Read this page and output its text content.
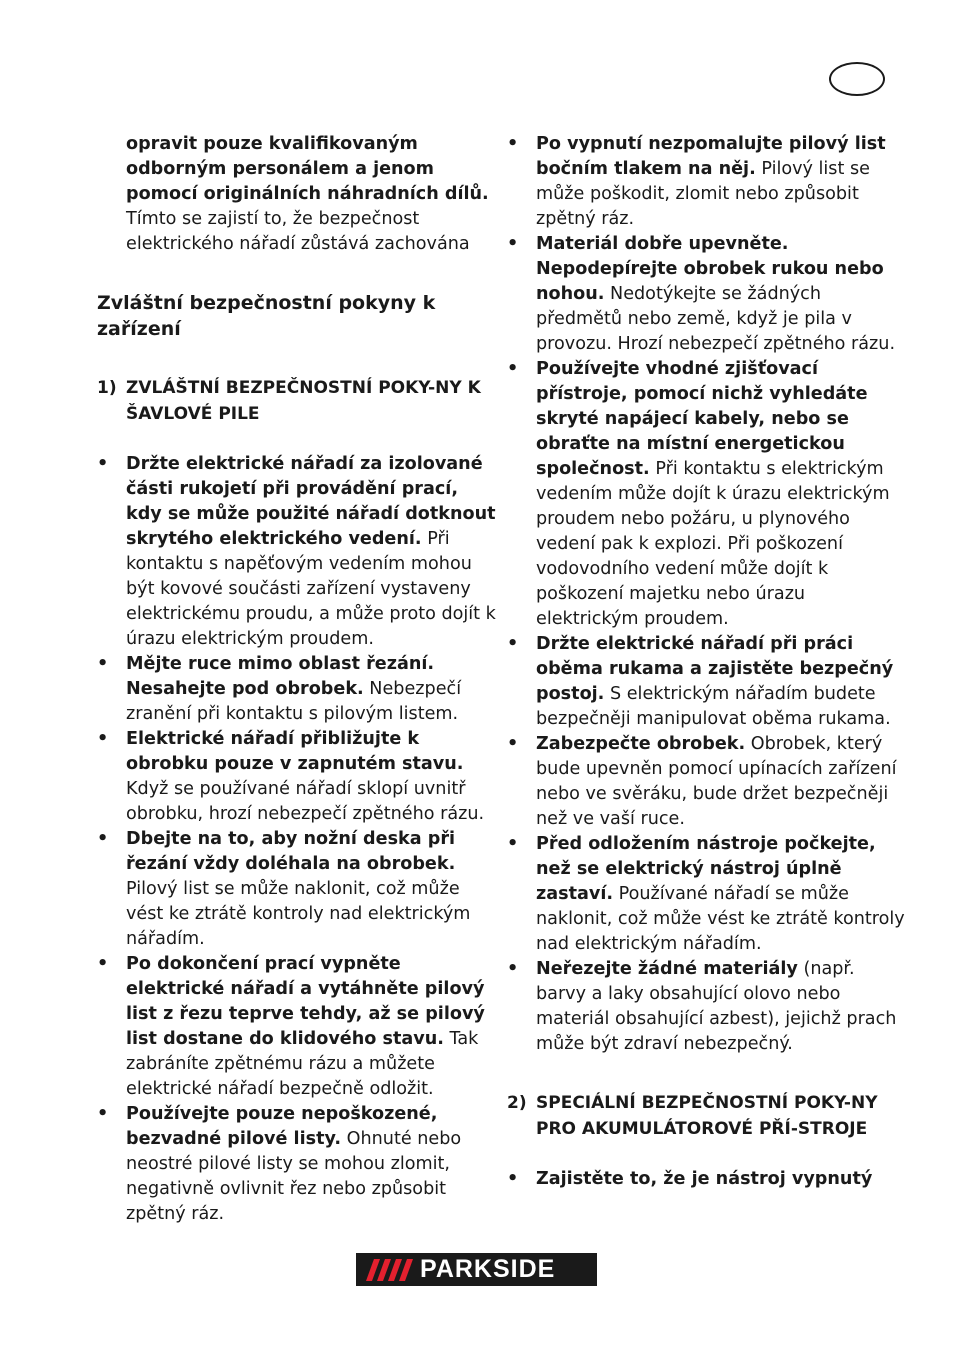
opravit pouze kvalifikovaným odborným personálem a jenom pomocí originálních náhradních dílů. Tímto se zajistí to, že bezpečnost elektrického nářadí zůstává zachována

Zvláštní bezpečnostní pokyny k zařízení

1) ZVLÁŠTNÍ BEZPEČNOSTNÍ POKY-NY K ŠAVLOVÉ PILE

•	Držte elektrické nářadí za izolované části rukojetí při provádění prací, kdy se může použité nářadí dotknout skrytého elektrického vedení. Při kontaktu s napěťovým vedením mohou být kovové součásti zařízení vystaveny elektrickému proudu, a může proto dojít k úrazu elektrickým proudem.
•	Mějte ruce mimo oblast řezání. Nesahejte pod obrobek. Nebezpečí zranění při kontaktu s pilovým listem.
•	Elektrické nářadí přibližujte k obrobku pouze v zapnutém stavu. Když se používané nářadí sklopí uvnitř obrobku, hrozí nebezpečí zpětného rázu.
•	Dbejte na to, aby nožní deska při řezání vždy doléhala na obrobek. Pilový list se může naklonit, což může vést ke ztrátě kontroly nad elektrickým nářadím.
•	Po dokončení prací vypněte elektrické nářadí a vytáhněte pilový list z řezu teprve tehdy, až se pilový list dostane do klidového stavu. Tak zabráníte zpětnému rázu a můžete elektrické nářadí bezpečně odložit.
•	Používejte pouze nepoškozené, bezvadné pilové listy. Ohnuté nebo neostré pilové listy se mohou zlomit, negativně ovlivnit řez nebo způsobit zpětný ráz.
•	Po vypnutí nezpomalujte pilový list bočním tlakem na něj. Pilový list se může poškodit, zlomit nebo způsobit zpětný ráz.
•	Materiál dobře upevněte. Nepodepírejte obrobek rukou nebo nohou. Nedotýkejte se žádných předmětů nebo země, když je pila v provozu. Hrozí nebezpečí zpětného rázu.
•	Používejte vhodné zjišťovací přístroje, pomocí nichž vyhledáte skryté napájecí kabely, nebo se obraťte na místní energetickou společnost. Při kontaktu s elektrickým vedením může dojít k úrazu elektrickým proudem nebo požáru, u plynového vedení pak k explozi. Při poškození vodovodního vedení může dojít k poškození majetku nebo úrazu elektrickým proudem.
•	Držte elektrické nářadí při práci oběma rukama a zajistěte bezpečný postoj. S elektrickým nářadím budete bezpečněji manipulovat oběma rukama.
•	Zabezpečte obrobek. Obrobek, který bude upevněn pomocí upínacích zařízení nebo ve svěráku, bude držet bezpečněji než ve vaší ruce.
•	Před odložením nástroje počkejte, než se elektrický nástroj úplně zastaví. Používané nářadí se může naklonit, což může vést ke ztrátě kontroly nad elektrickým nářadím.
•	Neřezejte žádné materiály (např. barvy a laky obsahující olovo nebo materiál obsahující azbest), jejichž prach může být zdraví nebezpečný.

2) SPECIÁLNÍ BEZPEČNOSTNÍ POKY-NY PRO AKUMULÁTOROVÉ PŘÍ-STROJE

•	Zajistěte to, že je nástroj vypnutý
PARKSIDE
